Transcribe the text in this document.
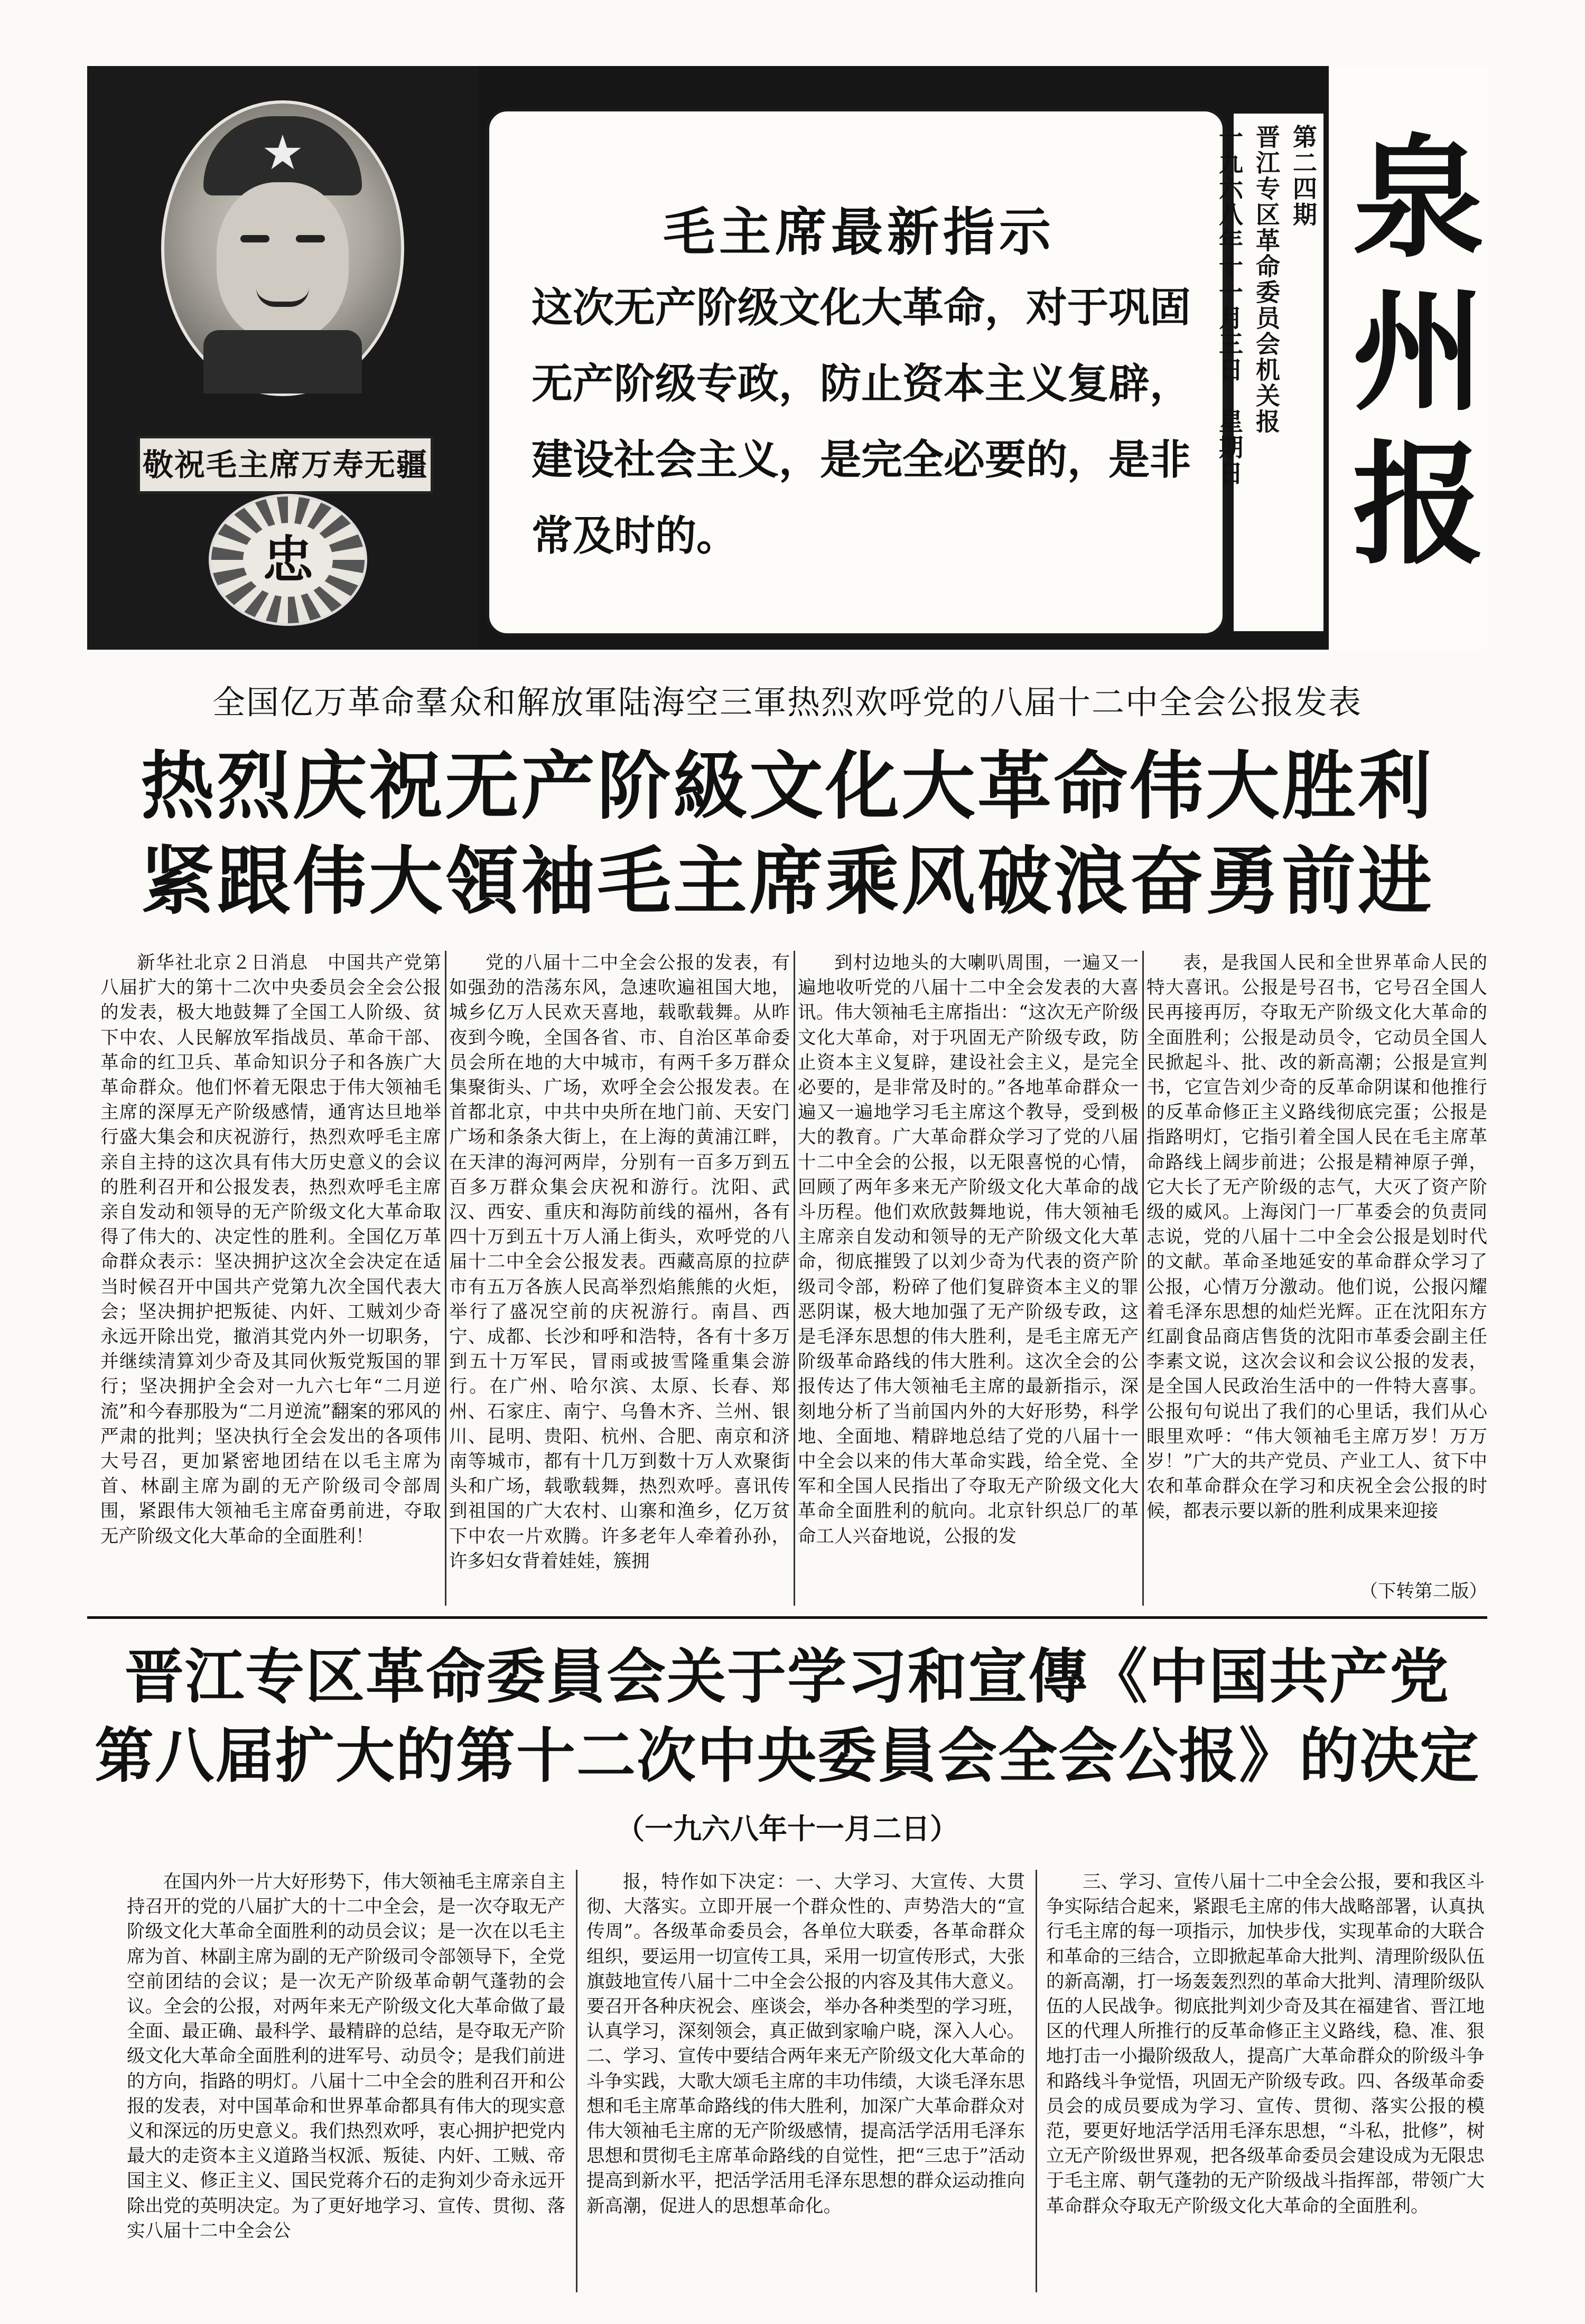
★
敬祝毛主席万寿无疆
忠
毛主席最新指示
这次无产阶级文化大革命，对于巩固无产阶级专政，防止资本主义复辟，建设社会主义，是完全必要的，是非常及时的。
第二四期
晋江专区革命委员会机关报
一九六八年十一月三日　星期日 泉州报
全国亿万革命羣众和解放軍陆海空三軍热烈欢呼党的八届十二中全会公报发表
热烈庆祝无产阶級文化大革命伟大胜利
紧跟伟大領袖毛主席乘风破浪奋勇前进

新华社北京２日消息　中国共产党第八届扩大的第十二次中央委员会全会公报的发表，极大地鼓舞了全国工人阶级、贫下中农、人民解放军指战员、革命干部、革命的红卫兵、革命知识分子和各族广大革命群众。他们怀着无限忠于伟大领袖毛主席的深厚无产阶级感情，通宵达旦地举行盛大集会和庆祝游行，热烈欢呼毛主席亲自主持的这次具有伟大历史意义的会议的胜利召开和公报发表，热烈欢呼毛主席亲自发动和领导的无产阶级文化大革命取得了伟大的、决定性的胜利。全国亿万革命群众表示：坚决拥护这次全会决定在适当时候召开中国共产党第九次全国代表大会；坚决拥护把叛徒、内奸、工贼刘少奇永远开除出党，撤消其党内外一切职务，并继续清算刘少奇及其同伙叛党叛国的罪行；坚决拥护全会对一九六七年“二月逆流”和今春那股为“二月逆流”翻案的邪风的严肃的批判；坚决执行全会发出的各项伟大号召，更加紧密地团结在以毛主席为首、林副主席为副的无产阶级司令部周围，紧跟伟大领袖毛主席奋勇前进，夺取无产阶级文化大革命的全面胜利！

党的八届十二中全会公报的发表，有如强劲的浩荡东风，急速吹遍祖国大地，城乡亿万人民欢天喜地，载歌载舞。从昨夜到今晚，全国各省、市、自治区革命委员会所在地的大中城市，有两千多万群众集聚街头、广场，欢呼全会公报发表。在首都北京，中共中央所在地门前、天安门广场和条条大街上，在上海的黄浦江畔，在天津的海河两岸，分别有一百多万到五百多万群众集会庆祝和游行。沈阳、武汉、西安、重庆和海防前线的福州，各有四十万到五十万人涌上街头，欢呼党的八届十二中全会公报发表。西藏高原的拉萨市有五万各族人民高举烈焰熊熊的火炬，举行了盛况空前的庆祝游行。南昌、西宁、成都、长沙和呼和浩特，各有十多万到五十万军民，冒雨或披雪隆重集会游行。在广州、哈尔滨、太原、长春、郑州、石家庄、南宁、乌鲁木齐、兰州、银川、昆明、贵阳、杭州、合肥、南京和济南等城市，都有十几万到数十万人欢聚街头和广场，载歌载舞，热烈欢呼。喜讯传到祖国的广大农村、山寨和渔乡，亿万贫下中农一片欢腾。许多老年人牵着孙孙，许多妇女背着娃娃，簇拥

到村边地头的大喇叭周围，一遍又一遍地收听党的八届十二中全会发表的大喜讯。伟大领袖毛主席指出：“这次无产阶级文化大革命，对于巩固无产阶级专政，防止资本主义复辟，建设社会主义，是完全必要的，是非常及时的。”各地革命群众一遍又一遍地学习毛主席这个教导，受到极大的教育。广大革命群众学习了党的八届十二中全会的公报，以无限喜悦的心情，回顾了两年多来无产阶级文化大革命的战斗历程。他们欢欣鼓舞地说，伟大领袖毛主席亲自发动和领导的无产阶级文化大革命，彻底摧毁了以刘少奇为代表的资产阶级司令部，粉碎了他们复辟资本主义的罪恶阴谋，极大地加强了无产阶级专政，这是毛泽东思想的伟大胜利，是毛主席无产阶级革命路线的伟大胜利。这次全会的公报传达了伟大领袖毛主席的最新指示，深刻地分析了当前国内外的大好形势，科学地、全面地、精辟地总结了党的八届十一中全会以来的伟大革命实践，给全党、全军和全国人民指出了夺取无产阶级文化大革命全面胜利的航向。北京针织总厂的革命工人兴奋地说，公报的发

表，是我国人民和全世界革命人民的特大喜讯。公报是号召书，它号召全国人民再接再厉，夺取无产阶级文化大革命的全面胜利；公报是动员令，它动员全国人民掀起斗、批、改的新高潮；公报是宣判书，它宣告刘少奇的反革命阴谋和他推行的反革命修正主义路线彻底完蛋；公报是指路明灯，它指引着全国人民在毛主席革命路线上阔步前进；公报是精神原子弹，它大长了无产阶级的志气，大灭了资产阶级的威风。上海闵门一厂革委会的负责同志说，党的八届十二中全会公报是划时代的文献。革命圣地延安的革命群众学习了公报，心情万分激动。他们说，公报闪耀着毛泽东思想的灿烂光辉。正在沈阳东方红副食品商店售货的沈阳市革委会副主任李素文说，这次会议和会议公报的发表，是全国人民政治生活中的一件特大喜事。公报句句说出了我们的心里话，我们从心眼里欢呼：“伟大领袖毛主席万岁！万万岁！”广大的共产党员、产业工人、贫下中农和革命群众在学习和庆祝全会公报的时候，都表示要以新的胜利成果来迎接

（下转第二版）

晋江专区革命委員会关于学习和宣傳《中国共产党
第八届扩大的第十二次中央委員会全会公报》的决定
（一九六八年十一月二日）

在国内外一片大好形势下，伟大领袖毛主席亲自主持召开的党的八届扩大的十二中全会，是一次夺取无产阶级文化大革命全面胜利的动员会议；是一次在以毛主席为首、林副主席为副的无产阶级司令部领导下，全党空前团结的会议；是一次无产阶级革命朝气蓬勃的会议。全会的公报，对两年来无产阶级文化大革命做了最全面、最正确、最科学、最精辟的总结，是夺取无产阶级文化大革命全面胜利的进军号、动员令；是我们前进的方向，指路的明灯。八届十二中全会的胜利召开和公报的发表，对中国革命和世界革命都具有伟大的现实意义和深远的历史意义。我们热烈欢呼，衷心拥护把党内最大的走资本主义道路当权派、叛徒、内奸、工贼、帝国主义、修正主义、国民党蒋介石的走狗刘少奇永远开除出党的英明决定。为了更好地学习、宣传、贯彻、落实八届十二中全会公

报，特作如下决定：一、大学习、大宣传、大贯彻、大落实。立即开展一个群众性的、声势浩大的“宣传周”。各级革命委员会，各单位大联委，各革命群众组织，要运用一切宣传工具，采用一切宣传形式，大张旗鼓地宣传八届十二中全会公报的内容及其伟大意义。要召开各种庆祝会、座谈会，举办各种类型的学习班，认真学习，深刻领会，真正做到家喻户晓，深入人心。二、学习、宣传中要结合两年来无产阶级文化大革命的斗争实践，大歌大颂毛主席的丰功伟绩，大谈毛泽东思想和毛主席革命路线的伟大胜利，加深广大革命群众对伟大领袖毛主席的无产阶级感情，提高活学活用毛泽东思想和贯彻毛主席革命路线的自觉性，把“三忠于”活动提高到新水平，把活学活用毛泽东思想的群众运动推向新高潮，促进人的思想革命化。

三、学习、宣传八届十二中全会公报，要和我区斗争实际结合起来，紧跟毛主席的伟大战略部署，认真执行毛主席的每一项指示，加快步伐，实现革命的大联合和革命的三结合，立即掀起革命大批判、清理阶级队伍的新高潮，打一场轰轰烈烈的革命大批判、清理阶级队伍的人民战争。彻底批判刘少奇及其在福建省、晋江地区的代理人所推行的反革命修正主义路线，稳、准、狠地打击一小撮阶级敌人，提高广大革命群众的阶级斗争和路线斗争觉悟，巩固无产阶级专政。四、各级革命委员会的成员要成为学习、宣传、贯彻、落实公报的模范，要更好地活学活用毛泽东思想，“斗私，批修”，树立无产阶级世界观，把各级革命委员会建设成为无限忠于毛主席、朝气蓬勃的无产阶级战斗指挥部，带领广大革命群众夺取无产阶级文化大革命的全面胜利。
